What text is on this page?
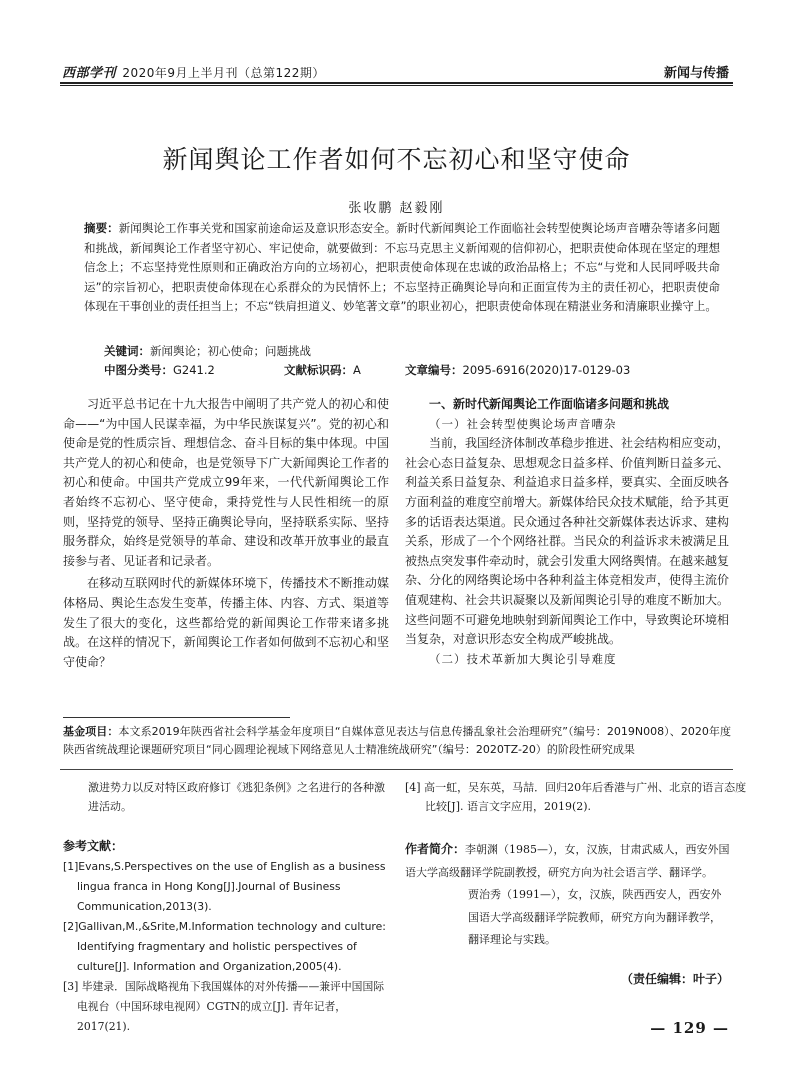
西部学刊 2020年9月上半月刊（总第122期）	新闻与传播
新闻舆论工作者如何不忘初心和坚守使命
张收鹏 赵毅刚
摘要：新闻舆论工作事关党和国家前途命运及意识形态安全。新时代新闻舆论工作面临社会转型使舆论场声音嘈杂等诸多问题和挑战，新闻舆论工作者坚守初心、牢记使命，就要做到：不忘马克思主义新闻观的信仰初心，把职责使命体现在坚定的理想信念上；不忘坚持党性原则和正确政治方向的立场初心，把职责使命体现在忠诚的政治品格上；不忘“与党和人民同呼吸共命运”的宗旨初心，把职责使命体现在心系群众的为民情怀上；不忘坚持正确舆论导向和正面宣传为主的责任初心，把职责使命体现在干事创业的责任担当上；不忘“铁肩担道义、妙笔著文章”的职业初心，把职责使命体现在精湛业务和清廉职业操守上。
关键词：新闻舆论；初心使命；问题挑战
中图分类号：G241.2	文献标识码：A	文章编号：2095-6916(2020)17-0129-03

习近平总书记在十九大报告中阐明了共产党人的初心和使命——“为中国人民谋幸福，为中华民族谋复兴”。党的初心和使命是党的性质宗旨、理想信念、奋斗目标的集中体现。中国共产党人的初心和使命，也是党领导下广大新闻舆论工作者的初心和使命。中国共产党成立99年来，一代代新闻舆论工作者始终不忘初心、坚守使命，秉持党性与人民性相统一的原则，坚持党的领导、坚持正确舆论导向，坚持联系实际、坚持服务群众，始终是党领导的革命、建设和改革开放事业的最直接参与者、见证者和记录者。

在移动互联网时代的新媒体环境下，传播技术不断推动媒体格局、舆论生态发生变革，传播主体、内容、方式、渠道等发生了很大的变化，这些都给党的新闻舆论工作带来诸多挑战。在这样的情况下，新闻舆论工作者如何做到不忘初心和坚守使命？

一、新时代新闻舆论工作面临诸多问题和挑战

（一）社会转型使舆论场声音嘈杂

当前，我国经济体制改革稳步推进、社会结构相应变动，社会心态日益复杂、思想观念日益多样、价值判断日益多元、利益关系日益复杂、利益追求日益多样，要真实、全面反映各方面利益的难度空前增大。新媒体给民众技术赋能，给予其更多的话语表达渠道。民众通过各种社交新媒体表达诉求、建构关系，形成了一个个网络社群。当民众的利益诉求未被满足且被热点突发事件牵动时，就会引发重大网络舆情。在越来越复杂、分化的网络舆论场中各种利益主体竞相发声，使得主流价值观建构、社会共识凝聚以及新闻舆论引导的难度不断加大。这些问题不可避免地映射到新闻舆论工作中，导致舆论环境相当复杂，对意识形态安全构成严峻挑战。

（二）技术革新加大舆论引导难度

基金项目：本文系2019年陕西省社会科学基金年度项目“自媒体意见表达与信息传播乱象社会治理研究”（编号：2019N008）、2020年度陕西省统战理论课题研究项目“同心圆理论视域下网络意见人士精准统战研究”（编号：2020TZ-20）的阶段性研究成果
激进势力以反对特区政府修订《逃犯条例》之名进行的各种激进活动。
[4] 高一虹，吴东英，马喆．回归20年后香港与广州、北京的语言态度比较[J]. 语言文字应用，2019(2).
参考文献：
[1]Evans,S.Perspectives on the use of English as a business lingua franca in Hong Kong[J].Journal of Business Communication,2013(3).
[2]Gallivan,M.,&Srite,M.Information technology and culture: Identifying fragmentary and holistic perspectives of culture[J]. Information and Organization,2005(4).
[3] 毕建录．国际战略视角下我国媒体的对外传播——兼评中国国际电视台（中国环球电视网）CGTN的成立[J]. 青年记者，2017(21).
作者简介：李朝渊（1985—），女，汉族，甘肃武威人，西安外国语大学高级翻译学院副教授，研究方向为社会语言学、翻译学。
贾治秀（1991—），女，汉族，陕西西安人，西安外国语大学高级翻译学院教师，研究方向为翻译教学，翻译理论与实践。
（责任编辑：叶子）
— 129 —
